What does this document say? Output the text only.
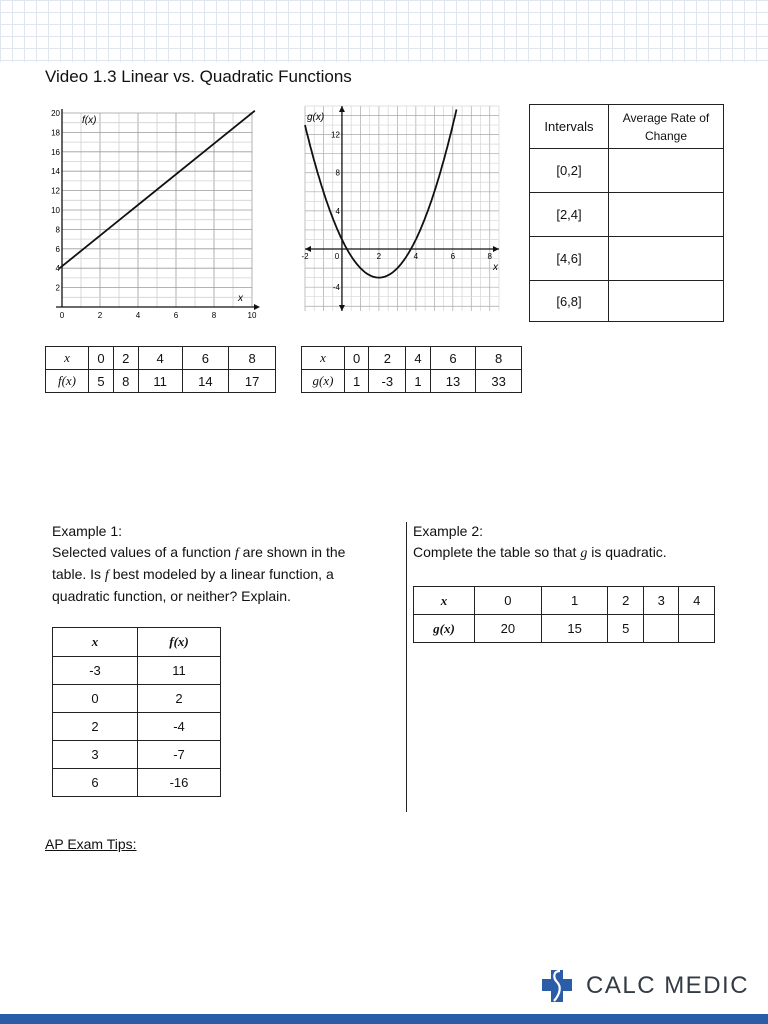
Video 1.3 Linear vs. Quadratic Functions
0	2	4	6	8	10
20
18
16
14
12
10
8
6
4
2
f(x)
x
-2	0	2	4	6	8
12
8
4
-4
g(x)
x
Intervals	Average Rate of Change
[0,2]	
[2,4]	
[4,6]	
[6,8]	
x	0	2	4	6	8
f(x)	5	8	11	14	17
x	0	2	4	6	8
g(x)	1	-3	1	13	33
Example 1:
Selected values of a function f are shown in the
table. Is f best modeled by a linear function, a
quadratic function, or neither? Explain.
x	f(x)
-3	11
0	2
2	-4
3	-7
6	-16
Example 2:
Complete the table so that g is quadratic.
x	0	1	2	3	4
g(x)	20	15	5		
AP Exam Tips:
CALC MEDIC
